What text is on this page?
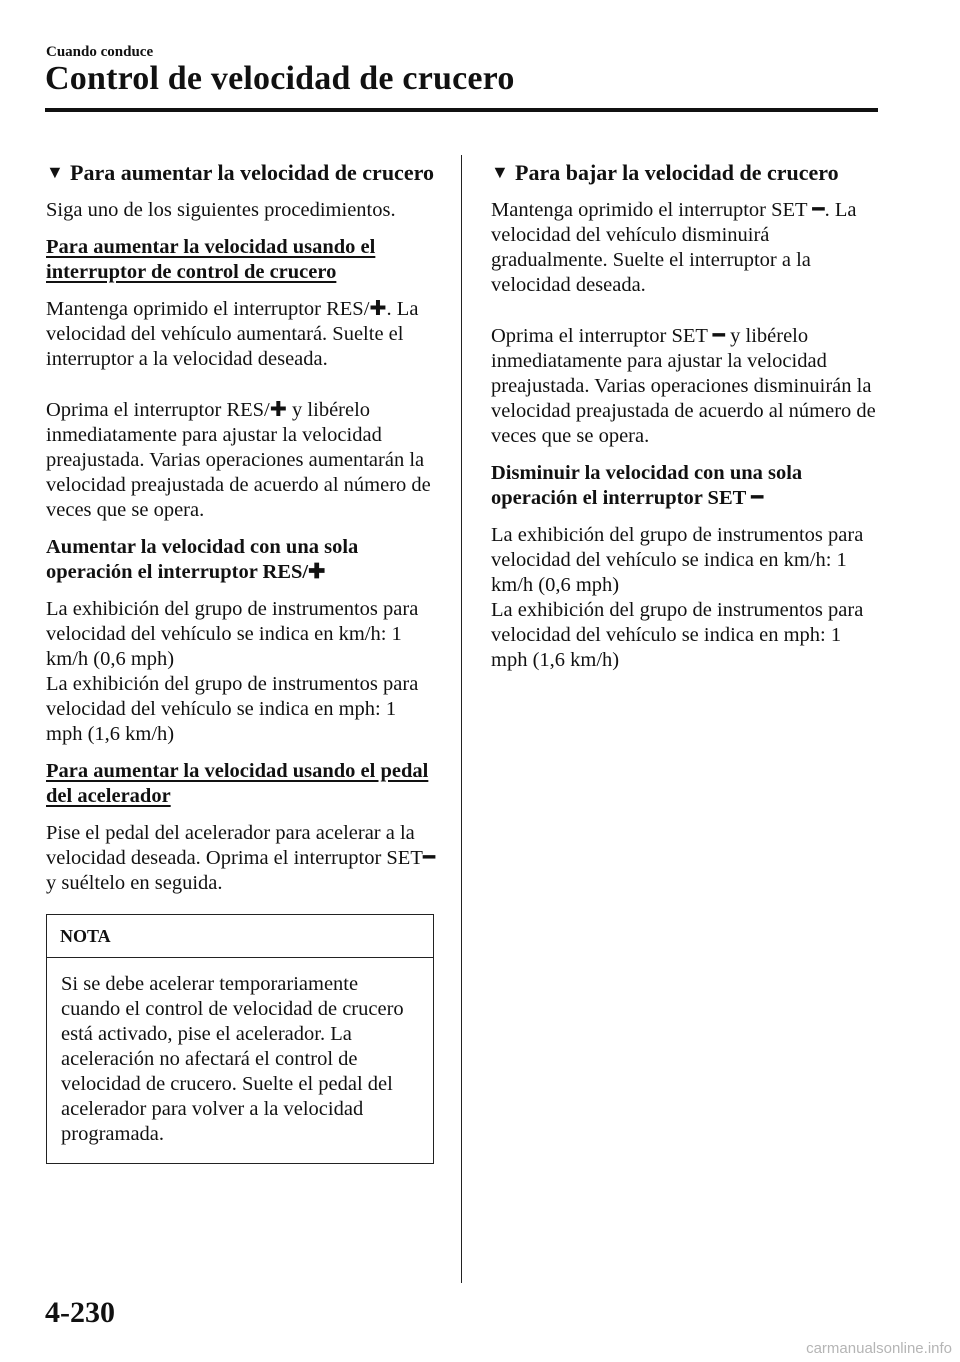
Cuando conduce
Control de velocidad de crucero
▼ Para aumentar la velocidad de crucero

Siga uno de los siguientes procedimientos.

Para aumentar la velocidad usando el interruptor de control de crucero

Mantenga oprimido el interruptor RES/✚. La velocidad del vehículo aumentará. Suelte el interruptor a la velocidad deseada.

Oprima el interruptor RES/✚ y libérelo inmediatamente para ajustar la velocidad preajustada. Varias operaciones aumentarán la velocidad preajustada de acuerdo al número de veces que se opera.

Aumentar la velocidad con una sola operación el interruptor RES/✚

La exhibición del grupo de instrumentos para velocidad del vehículo se indica en km/h: 1 km/h (0,6 mph)

La exhibición del grupo de instrumentos para velocidad del vehículo se indica en mph: 1 mph (1,6 km/h)

Para aumentar la velocidad usando el pedal del acelerador

Pise el pedal del acelerador para acelerar a la velocidad deseada. Oprima el interruptor SET━ y suéltelo en seguida.

NOTA
Si se debe acelerar temporariamente cuando el control de velocidad de crucero está activado, pise el acelerador. La aceleración no afectará el control de velocidad de crucero. Suelte el pedal del acelerador para volver a la velocidad programada.
▼ Para bajar la velocidad de crucero

Mantenga oprimido el interruptor SET ━. La velocidad del vehículo disminuirá gradualmente. Suelte el interruptor a la velocidad deseada.

Oprima el interruptor SET ━ y libérelo inmediatamente para ajustar la velocidad preajustada. Varias operaciones disminuirán la velocidad preajustada de acuerdo al número de veces que se opera.

Disminuir la velocidad con una sola operación el interruptor SET ━

La exhibición del grupo de instrumentos para velocidad del vehículo se indica en km/h: 1 km/h (0,6 mph)

La exhibición del grupo de instrumentos para velocidad del vehículo se indica en mph: 1 mph (1,6 km/h)

4-230
carmanualsonline.info
